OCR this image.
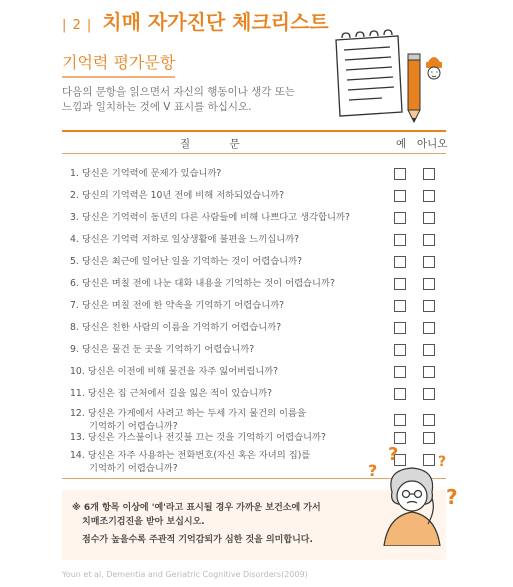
| 2 | 치매 자가진단 체크리스트
기억력 평가문항
다음의 문항을 읽으면서 자신의 행동이나 생각 또는
느낌과 일치하는 것에 V 표시를 하십시오.
질 문	예 아니오
1. 당신은 기억력에 문제가 있습니까?
2. 당신의 기억력은 10년 전에 비해 저하되었습니까?
3. 당신은 기억력이 동년의 다른 사람들에 비해 나쁘다고 생각합니까?
4. 당신은 기억력 저하로 일상생활에 불편을 느끼십니까?
5. 당신은 최근에 일어난 일을 기억하는 것이 어렵습니까?
6. 당신은 며칠 전에 나눈 대화 내용을 기억하는 것이 어렵습니까?
7. 당신은 며칠 전에 한 약속을 기억하기 어렵습니까?
8. 당신은 친한 사람의 이름을 기억하기 어렵습니까?
9. 당신은 물건 둔 곳을 기억하기 어렵습니까?
10. 당신은 이전에 비해 물건을 자주 잃어버립니까?
11. 당신은 집 근처에서 길을 잃은 적이 있습니까?
12. 당신은 가게에서 사려고 하는 두세 가지 물건의 이름을
기억하기 어렵습니까?
13. 당신은 가스불이나 전깃불 끄는 것을 기억하기 어렵습니까?
14. 당신은 자주 사용하는 전화번호(자신 혹은 자녀의 집)를
기억하기 어렵습니까?
※ 6개 항목 이상에 '예'라고 표시될 경우 가까운 보건소에 가서
치매조기검진을 받아 보십시오.
점수가 높을수록 주관적 기억감퇴가 심한 것을 의미합니다.
?
?	?
?
Youn et al, Dementia and Geriatric Cognitive Disorders(2009)
